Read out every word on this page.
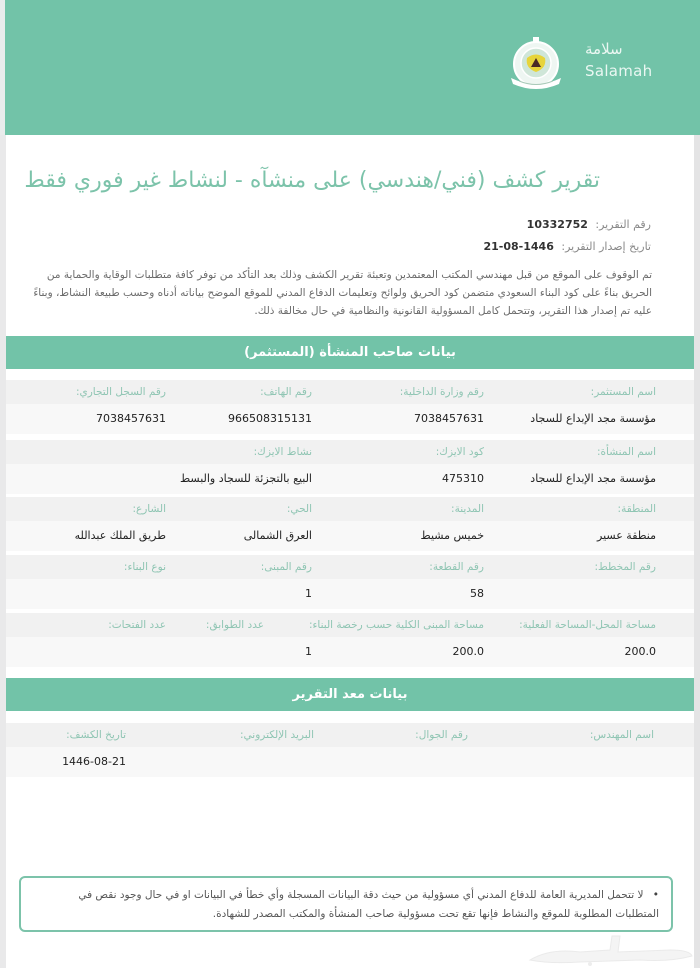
سلامة
Salamah
تقرير كشف (فني/هندسي) على منشآه - لنشاط غير فوري فقط
رقم التقرير: 10332752
تاريخ إصدار التقرير: 1446-08-21
تم الوقوف على الموقع من قبل مهندسي المكتب المعتمدين وتعبئة تقرير الكشف وذلك بعد التأكد من توفر كافة متطلبات الوقاية والحماية من الحريق بناءً على كود البناء السعودي متضمن كود الحريق ولوائح وتعليمات الدفاع المدني للموقع الموضح بياناته أدناه وحسب طبيعة النشاط، وبناءً عليه تم إصدار هذا التقرير، وتتحمل كامل المسؤولية القانونية والنظامية في حال مخالفة ذلك.
بيانات صاحب المنشأة (المستثمر)
اسم المستثمر:
رقم وزارة الداخلية:
رقم الهاتف:
رقم السجل التجاري:
مؤسسة مجد الإبداع للسجاد
7038457631
966508315131
7038457631
اسم المنشأة:
كود الايزك:
نشاط الايزك:
مؤسسة مجد الإبداع للسجاد
475310
البيع بالتجزئة للسجاد والبسط
المنطقة:
المدينة:
الحي:
الشارع:
منطقة عسير
خميس مشيط
العرق الشمالى
طريق الملك عبدالله
رقم المخطط:
رقم القطعة:
رقم المبنى:
نوع البناء:
58
1
مساحة المحل-المساحة الفعلية:
مساحة المبنى الكلية حسب رخصة البناء:
عدد الطوابق:
عدد الفتحات:
200.0
200.0
1
بيانات معد التقرير
اسم المهندس:
رقم الجوال:
البريد الإلكتروني:
تاريخ الكشف:
1446-08-21
• لا تتحمل المديرية العامة للدفاع المدني أي مسؤولية من حيث دقة البيانات المسجلة وأي خطأ في البيانات او في حال وجود نقص في المتطلبات المطلوبة للموقع والنشاط فإنها تقع تحت مسؤولية صاحب المنشأة والمكتب المصدر للشهادة.
